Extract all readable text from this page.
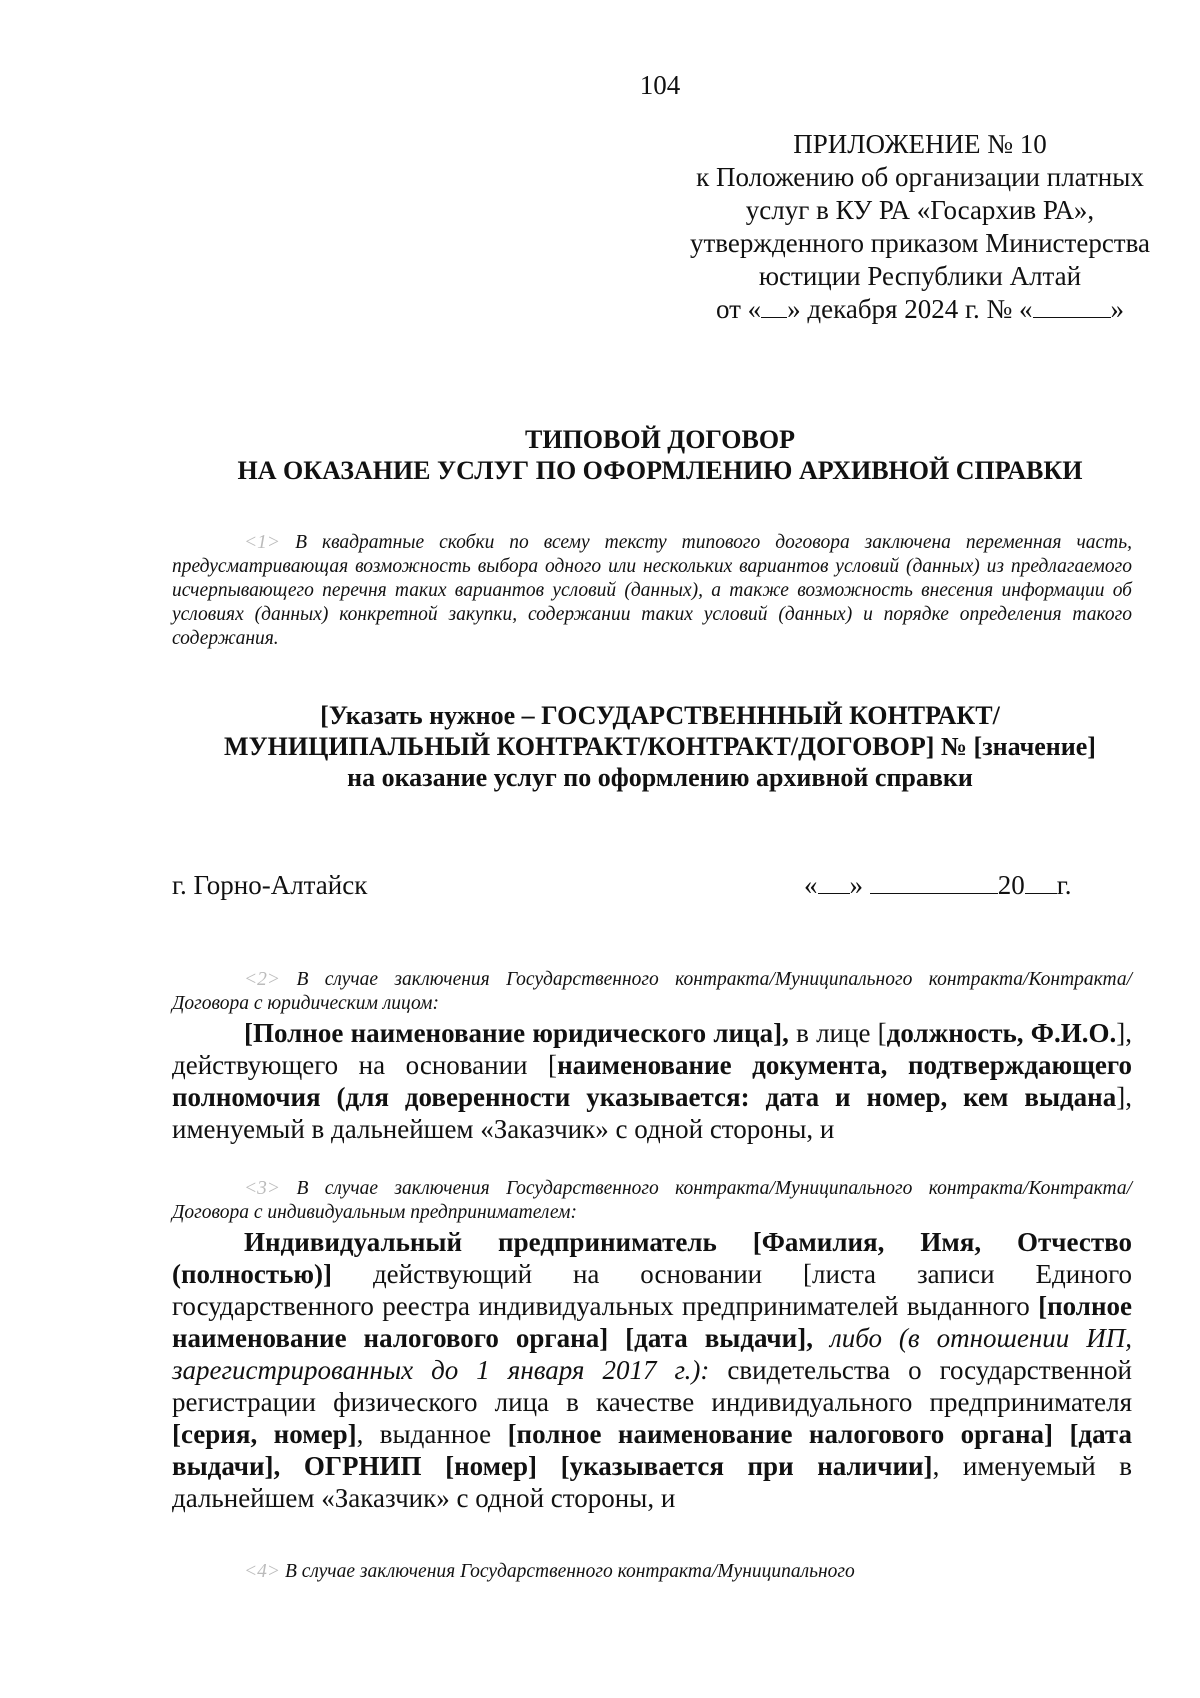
104
ПРИЛОЖЕНИЕ № 10
к Положению об организации платных
услуг в КУ РА «Госархив РА»,
утвержденного приказом Министерства
юстиции Республики Алтай
от « » декабря 2024 г. № «	»
ТИПОВОЙ ДОГОВОР
НА ОКАЗАНИЕ УСЛУГ ПО ОФОРМЛЕНИЮ АРХИВНОЙ СПРАВКИ
<1> В квадратные скобки по всему тексту типового договора заключена переменная часть, предусматривающая возможность выбора одного или нескольких вариантов условий (данных) из предлагаемого исчерпывающего перечня таких вариантов условий (данных), а также возможность внесения информации об условиях (данных) конкретной закупки, содержании таких условий (данных) и порядке определения такого содержания.
[Указать нужное – ГОСУДАРСТВЕНННЫЙ КОНТРАКТ/
МУНИЦИПАЛЬНЫЙ КОНТРАКТ/КОНТРАКТ/ДОГОВОР] № [значение]
на оказание услуг по оформлению архивной справки
г. Горно-Алтайск	« »	20 г.
<2> В случае заключения Государственного контракта/Муниципального контракта/Контракта/Договора с юридическим лицом:
[Полное наименование юридического лица], в лице [должность, Ф.И.О.], действующего на основании [наименование документа, подтверждающего полномочия (для доверенности указывается: дата и номер, кем выдана], именуемый в дальнейшем «Заказчик» с одной стороны, и
<3> В случае заключения Государственного контракта/Муниципального контракта/Контракта/Договора с индивидуальным предпринимателем:
Индивидуальный предприниматель [Фамилия, Имя, Отчество (полностью)] действующий на основании [листа записи Единого государственного реестра индивидуальных предпринимателей выданного [полное наименование налогового органа] [дата выдачи], либо (в отношении ИП, зарегистрированных до 1 января 2017 г.): свидетельства о государственной регистрации физического лица в качестве индивидуального предпринимателя [серия, номер], выданное [полное наименование налогового органа] [дата выдачи], ОГРНИП [номер] [указывается при наличии], именуемый в дальнейшем «Заказчик» с одной стороны, и
<4> В случае заключения Государственного контракта/Муниципального
